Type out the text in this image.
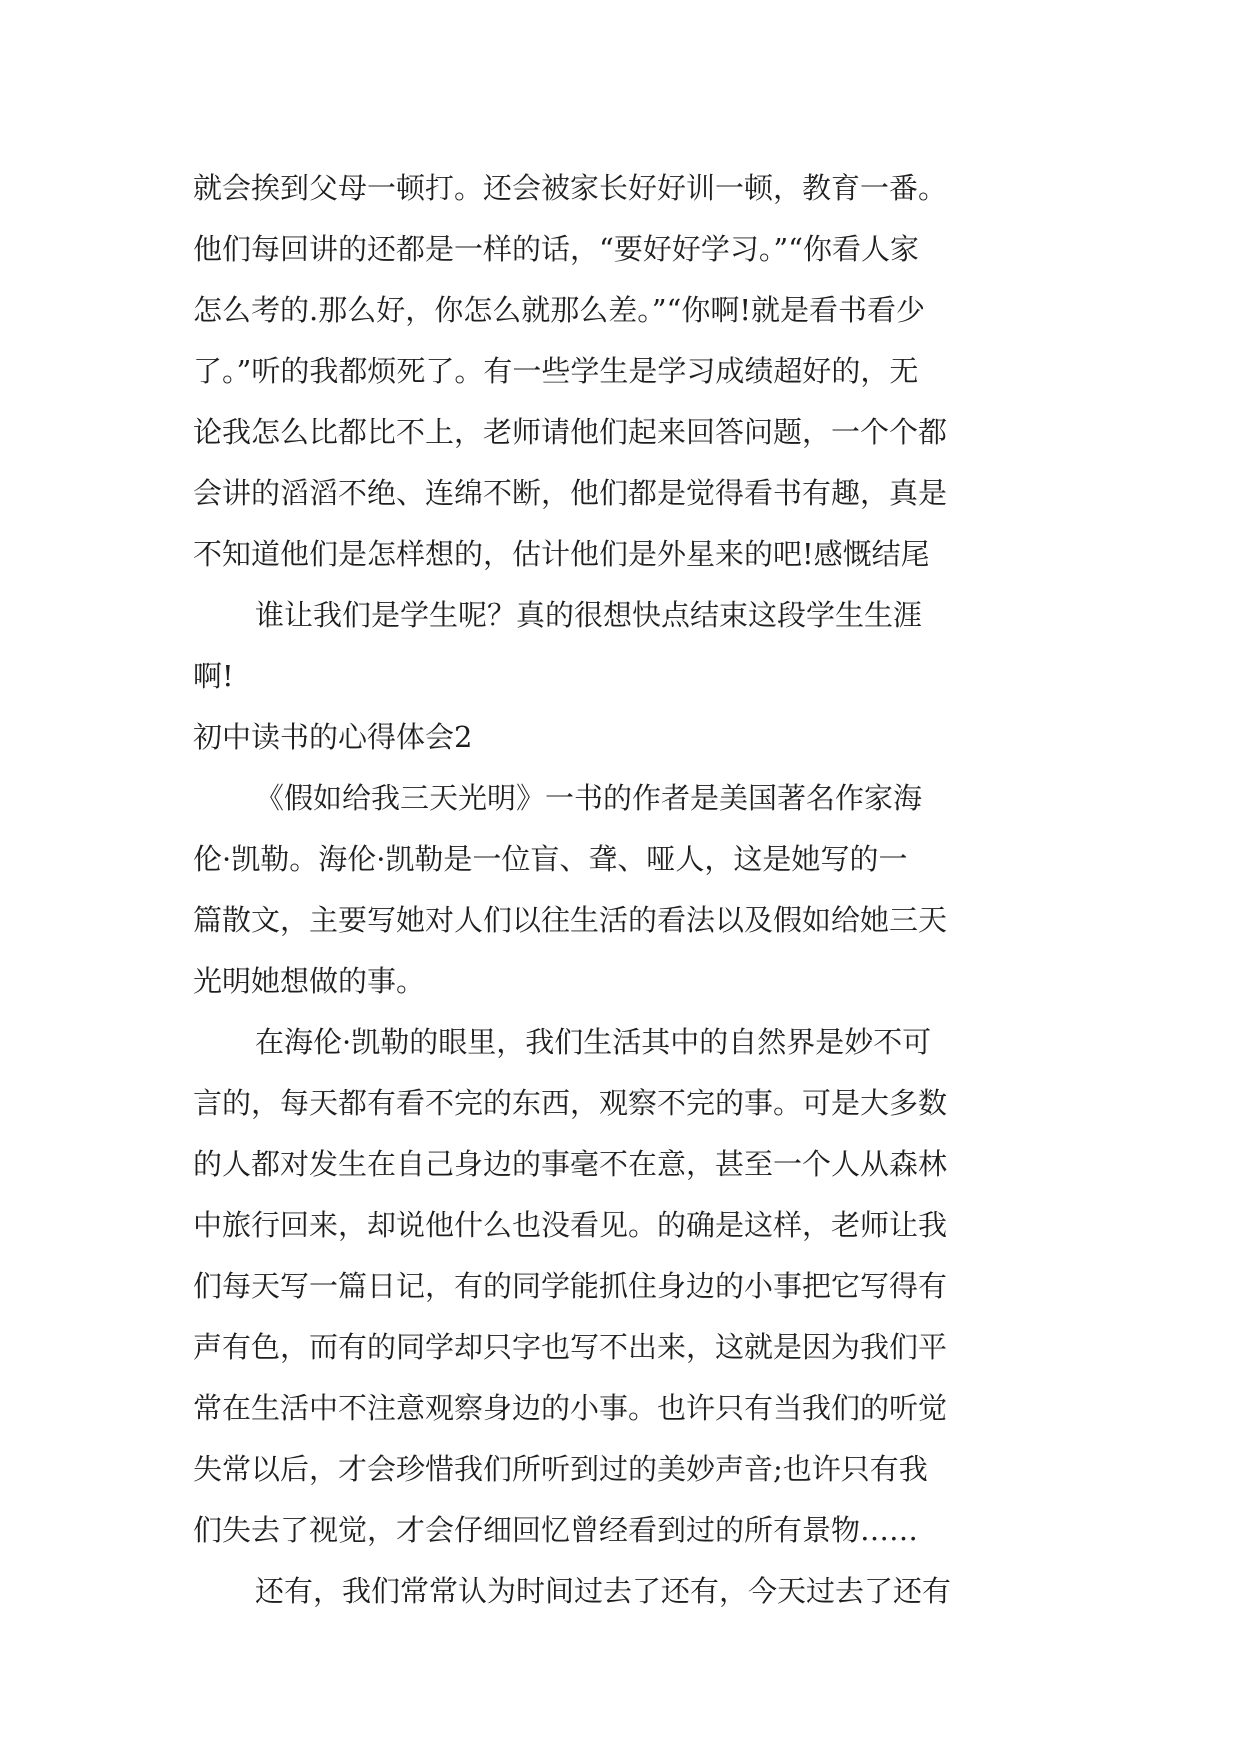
就会挨到父母一顿打。还会被家长好好训一顿，教育一番。
他们每回讲的还都是一样的话，“要好好学习。”“你看人家
怎么考的.那么好，你怎么就那么差。”“你啊!就是看书看少
了。”听的我都烦死了。有一些学生是学习成绩超好的，无
论我怎么比都比不上，老师请他们起来回答问题，一个个都
会讲的滔滔不绝、连绵不断，他们都是觉得看书有趣，真是
不知道他们是怎样想的，估计他们是外星来的吧!感慨结尾
谁让我们是学生呢？真的很想快点结束这段学生生涯
啊!
初中读书的心得体会2
《假如给我三天光明》一书的作者是美国著名作家海
伦·凯勒。海伦·凯勒是一位盲、聋、哑人，这是她写的一
篇散文，主要写她对人们以往生活的看法以及假如给她三天
光明她想做的事。
在海伦·凯勒的眼里，我们生活其中的自然界是妙不可
言的，每天都有看不完的东西，观察不完的事。可是大多数
的人都对发生在自己身边的事毫不在意，甚至一个人从森林
中旅行回来，却说他什么也没看见。的确是这样，老师让我
们每天写一篇日记，有的同学能抓住身边的小事把它写得有
声有色，而有的同学却只字也写不出来，这就是因为我们平
常在生活中不注意观察身边的小事。也许只有当我们的听觉
失常以后，才会珍惜我们所听到过的美妙声音;也许只有我
们失去了视觉，才会仔细回忆曾经看到过的所有景物……
还有，我们常常认为时间过去了还有，今天过去了还有
